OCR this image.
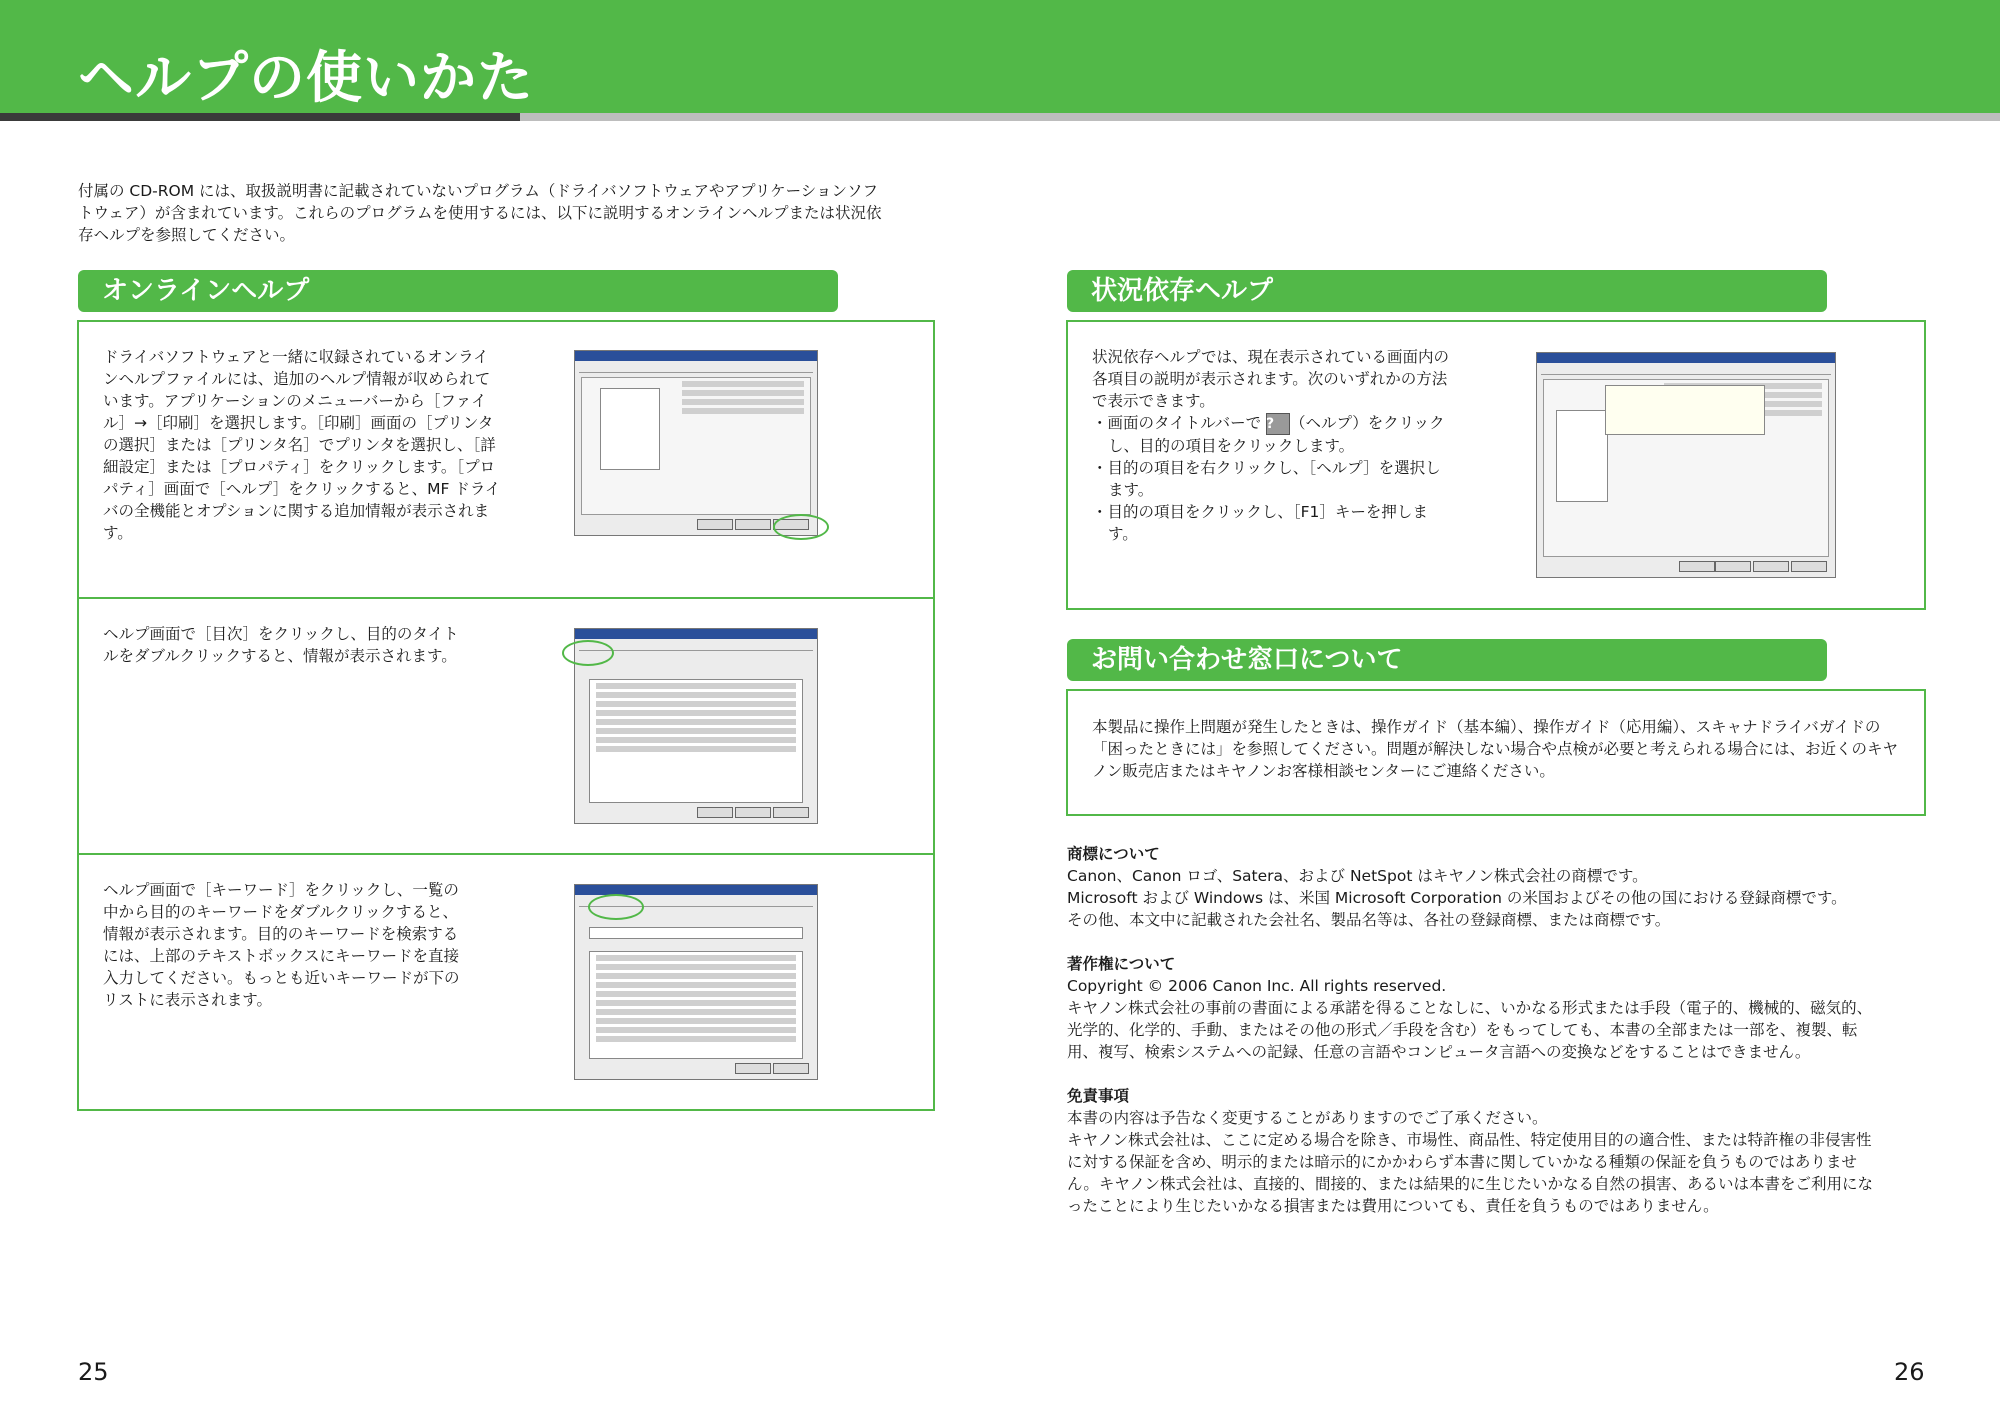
ヘルプの使いかた
付属の CD-ROM には、取扱説明書に記載されていないプログラム（ドライバソフトウェアやアプリケーションソフトウェア）が含まれています。これらのプログラムを使用するには、以下に説明するオンラインヘルプまたは状況依存ヘルプを参照してください。
オンラインヘルプ
ドライバソフトウェアと一緒に収録されているオンラインヘルプファイルには、追加のヘルプ情報が収められています。アプリケーションのメニューバーから［ファイル］→［印刷］を選択します。［印刷］画面の［プリンタの選択］または［プリンタ名］でプリンタを選択し、［詳細設定］または［プロパティ］をクリックします。［プロパティ］画面で［ヘルプ］をクリックすると、MF ドライバの全機能とオプションに関する追加情報が表示されます。
ヘルプ画面で［目次］をクリックし、目的のタイトルをダブルクリックすると、情報が表示されます。
ヘルプ画面で［キーワード］をクリックし、一覧の中から目的のキーワードをダブルクリックすると、情報が表示されます。目的のキーワードを検索するには、上部のテキストボックスにキーワードを直接入力してください。もっとも近いキーワードが下のリストに表示されます。
状況依存ヘルプ
状況依存ヘルプでは、現在表示されている画面内の各項目の説明が表示されます。次のいずれかの方法で表示できます。
・画面のタイトルバーで ? （ヘルプ）をクリックし、目的の項目をクリックします。
・目的の項目を右クリックし、［ヘルプ］を選択します。
・目的の項目をクリックし、［F1］キーを押します。
お問い合わせ窓口について
本製品に操作上問題が発生したときは、操作ガイド（基本編）、操作ガイド（応用編）、スキャナドライバガイドの「困ったときには」を参照してください。問題が解決しない場合や点検が必要と考えられる場合には、お近くのキヤノン販売店またはキヤノンお客様相談センターにご連絡ください。
商標について

Canon、Canon ロゴ、Satera、および NetSpot はキヤノン株式会社の商標です。

Microsoft および Windows は、米国 Microsoft Corporation の米国およびその他の国における登録商標です。

その他、本文中に記載された会社名、製品名等は、各社の登録商標、または商標です。

著作権について

Copyright © 2006 Canon Inc. All rights reserved.

キヤノン株式会社の事前の書面による承諾を得ることなしに、いかなる形式または手段（電子的、機械的、磁気的、光学的、化学的、手動、またはその他の形式／手段を含む）をもってしても、本書の全部または一部を、複製、転用、複写、検索システムへの記録、任意の言語やコンピュータ言語への変換などをすることはできません。

免責事項

本書の内容は予告なく変更することがありますのでご了承ください。

キヤノン株式会社は、ここに定める場合を除き、市場性、商品性、特定使用目的の適合性、または特許権の非侵害性に対する保証を含め、明示的または暗示的にかかわらず本書に関していかなる種類の保証を負うものではありません。キヤノン株式会社は、直接的、間接的、または結果的に生じたいかなる自然の損害、あるいは本書をご利用になったことにより生じたいかなる損害または費用についても、責任を負うものではありません。

25	26
